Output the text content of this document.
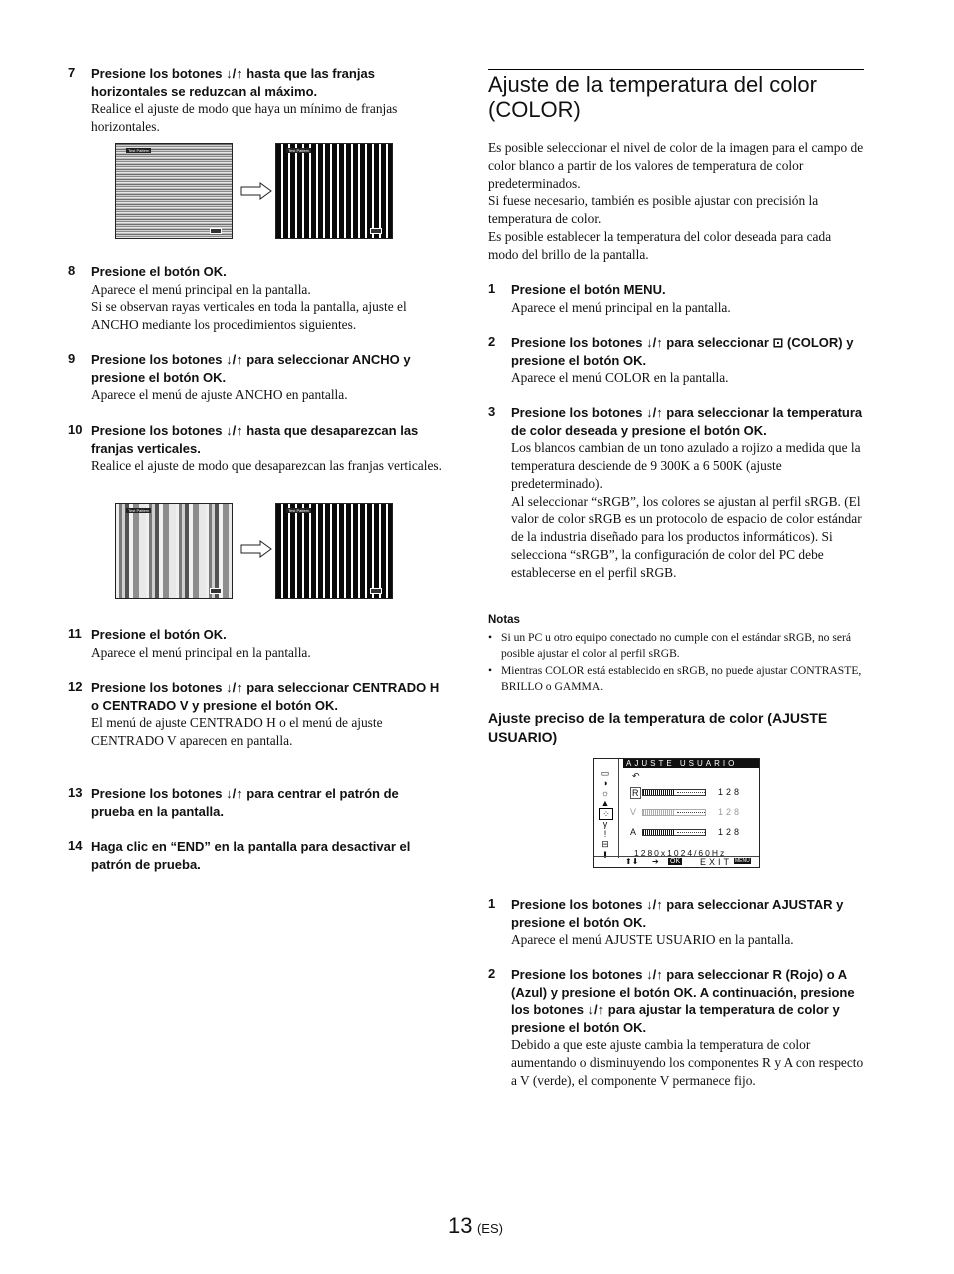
7 Presione los botones ↓/↑ hasta que las franjas horizontales se reduzcan al máximo.
Realice el ajuste de modo que haya un mínimo de franjas horizontales.
Test Pattern	Test Pattern
8 Presione el botón OK.
Aparece el menú principal en la pantalla.
Si se observan rayas verticales en toda la pantalla, ajuste el ANCHO mediante los procedimientos siguientes.
9 Presione los botones ↓/↑ para seleccionar ANCHO y presione el botón OK.
Aparece el menú de ajuste ANCHO en pantalla.
10 Presione los botones ↓/↑ hasta que desaparezcan las franjas verticales.
Realice el ajuste de modo que desaparezcan las franjas verticales.
Test Pattern	Test Pattern
11 Presione el botón OK.
Aparece el menú principal en la pantalla.
12 Presione los botones ↓/↑ para seleccionar CENTRADO H o CENTRADO V y presione el botón OK.
El menú de ajuste CENTRADO H o el menú de ajuste CENTRADO V aparecen en pantalla.
13 Presione los botones ↓/↑ para centrar el patrón de prueba en la pantalla.
14 Haga clic en “END” en la pantalla para desactivar el patrón de prueba.
Ajuste de la temperatura del color (COLOR)
Es posible seleccionar el nivel de color de la imagen para el campo de color blanco a partir de los valores de temperatura de color predeterminados.
Si fuese necesario, también es posible ajustar con precisión la temperatura de color.
Es posible establecer la temperatura del color deseada para cada modo del brillo de la pantalla.
1 Presione el botón MENU.
Aparece el menú principal en la pantalla.
2 Presione los botones ↓/↑ para seleccionar ⊡ (COLOR) y presione el botón OK.
Aparece el menú COLOR en la pantalla.
3 Presione los botones ↓/↑ para seleccionar la temperatura de color deseada y presione el botón OK.
Los blancos cambian de un tono azulado a rojizo a medida que la temperatura desciende de 9 300K a 6 500K (ajuste predeterminado).
Al seleccionar “sRGB”, los colores se ajustan al perfil sRGB. (El valor de color sRGB es un protocolo de espacio de color estándar de la industria diseñado para los productos informáticos). Si selecciona “sRGB”, la configuración de color del PC debe establecerse en el perfil sRGB.
Notas
• Si un PC u otro equipo conectado no cumple con el estándar sRGB, no será posible ajustar el color al perfil sRGB.
• Mientras COLOR está establecido en sRGB, no puede ajustar CONTRASTE, BRILLO o GAMMA.
Ajuste preciso de la temperatura de color (AJUSTE USUARIO)
AJUSTE USUARIO
▭
◑
☼
▲
⁘
γ
!
⊟
⬇
↶
R	128
V	128
A	128
1280x1024/60Hz
⬆⬇ ➔ OK EXIT MENU
1 Presione los botones ↓/↑ para seleccionar AJUSTAR y presione el botón OK.
Aparece el menú AJUSTE USUARIO en la pantalla.
2 Presione los botones ↓/↑ para seleccionar R (Rojo) o A (Azul) y presione el botón OK. A continuación, presione los botones ↓/↑ para ajustar la temperatura de color y presione el botón OK.
Debido a que este ajuste cambia la temperatura de color aumentando o disminuyendo los componentes R y A con respecto a V (verde), el componente V permanece fijo.
13 (ES)
